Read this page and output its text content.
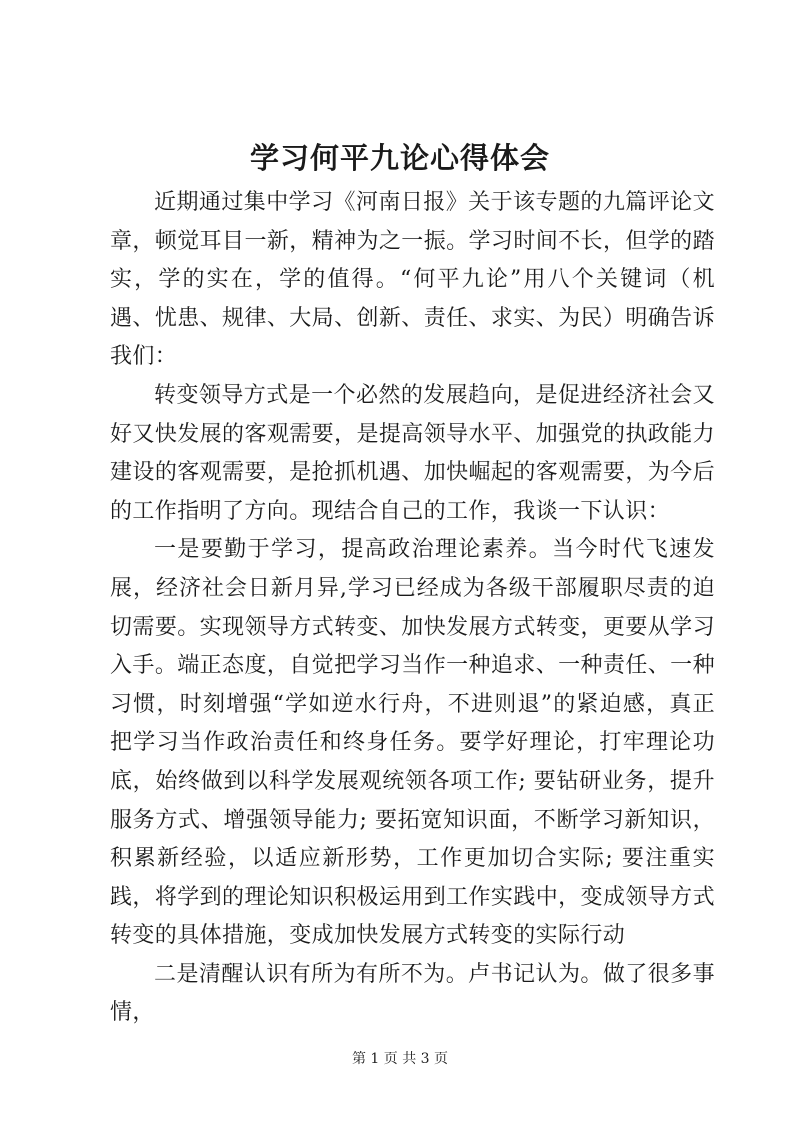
学习何平九论心得体会

近期通过集中学习《河南日报》关于该专题的九篇评论文章，顿觉耳目一新，精神为之一振。学习时间不长，但学的踏实，学的实在，学的值得。“何平九论”用八个关键词（机遇、忧患、规律、大局、创新、责任、求实、为民）明确告诉我们：

转变领导方式是一个必然的发展趋向，是促进经济社会又好又快发展的客观需要，是提高领导水平、加强党的执政能力建设的客观需要，是抢抓机遇、加快崛起的客观需要，为今后的工作指明了方向。现结合自己的工作，我谈一下认识：

一是要勤于学习，提高政治理论素养。当今时代飞速发展，经济社会日新月异,学习已经成为各级干部履职尽责的迫切需要。实现领导方式转变、加快发展方式转变，更要从学习入手。端正态度，自觉把学习当作一种追求、一种责任、一种习惯，时刻增强“学如逆水行舟，不进则退”的紧迫感，真正把学习当作政治责任和终身任务。要学好理论，打牢理论功底，始终做到以科学发展观统领各项工作; 要钻研业务，提升服务方式、增强领导能力; 要拓宽知识面，不断学习新知识，积累新经验，以适应新形势，工作更加切合实际; 要注重实践，将学到的理论知识积极运用到工作实践中，变成领导方式转变的具体措施，变成加快发展方式转变的实际行动

二是清醒认识有所为有所不为。卢书记认为。做了很多事情，

第 1 页 共 3 页
